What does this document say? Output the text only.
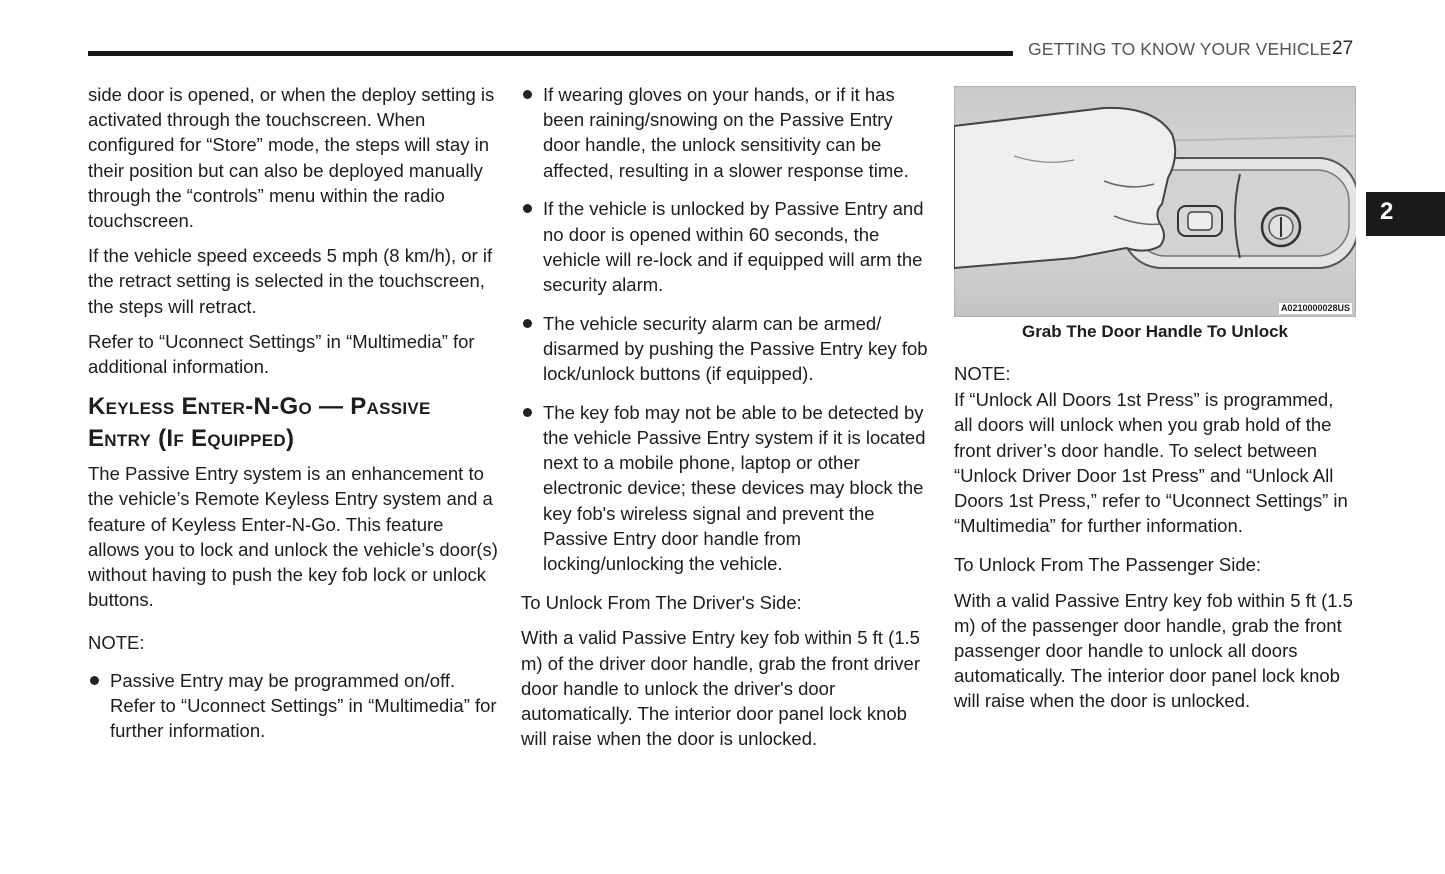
GETTING TO KNOW YOUR VEHICLE 27
2

side door is opened, or when the deploy setting is activated through the touchscreen. When configured for “Store” mode, the steps will stay in their position but can also be deployed manually through the “controls” menu within the radio touchscreen.

If the vehicle speed exceeds 5 mph (8 km/h), or if the retract setting is selected in the touchscreen, the steps will retract.

Refer to “Uconnect Settings” in “Multimedia” for additional information.

Keyless Enter-N-Go — Passive Entry (If Equipped)

The Passive Entry system is an enhancement to the vehicle’s Remote Keyless Entry system and a feature of Keyless Enter-N-Go. This feature allows you to lock and unlock the vehicle’s door(s) without having to push the key fob lock or unlock buttons.

NOTE:
Passive Entry may be programmed on/off. Refer to “Uconnect Settings” in “Multimedia” for further information.
If wearing gloves on your hands, or if it has been raining/snowing on the Passive Entry door handle, the unlock sensitivity can be affected, resulting in a slower response time.
If the vehicle is unlocked by Passive Entry and no door is opened within 60 seconds, the vehicle will re-lock and if equipped will arm the security alarm.
The vehicle security alarm can be armed/ disarmed by pushing the Passive Entry key fob lock/unlock buttons (if equipped).
The key fob may not be able to be detected by the vehicle Passive Entry system if it is located next to a mobile phone, laptop or other electronic device; these devices may block the key fob's wireless signal and prevent the Passive Entry door handle from locking/unlocking the vehicle.
To Unlock From The Driver's Side:

With a valid Passive Entry key fob within 5 ft (1.5 m) of the driver door handle, grab the front driver door handle to unlock the driver's door automatically. The interior door panel lock knob will raise when the door is unlocked.

A0210000028US
Grab The Door Handle To Unlock
NOTE:

If “Unlock All Doors 1st Press” is programmed, all doors will unlock when you grab hold of the front driver’s door handle. To select between “Unlock Driver Door 1st Press” and “Unlock All Doors 1st Press,” refer to “Uconnect Settings” in “Multimedia” for further information.

To Unlock From The Passenger Side:

With a valid Passive Entry key fob within 5 ft (1.5 m) of the passenger door handle, grab the front passenger door handle to unlock all doors automatically. The interior door panel lock knob will raise when the door is unlocked.
